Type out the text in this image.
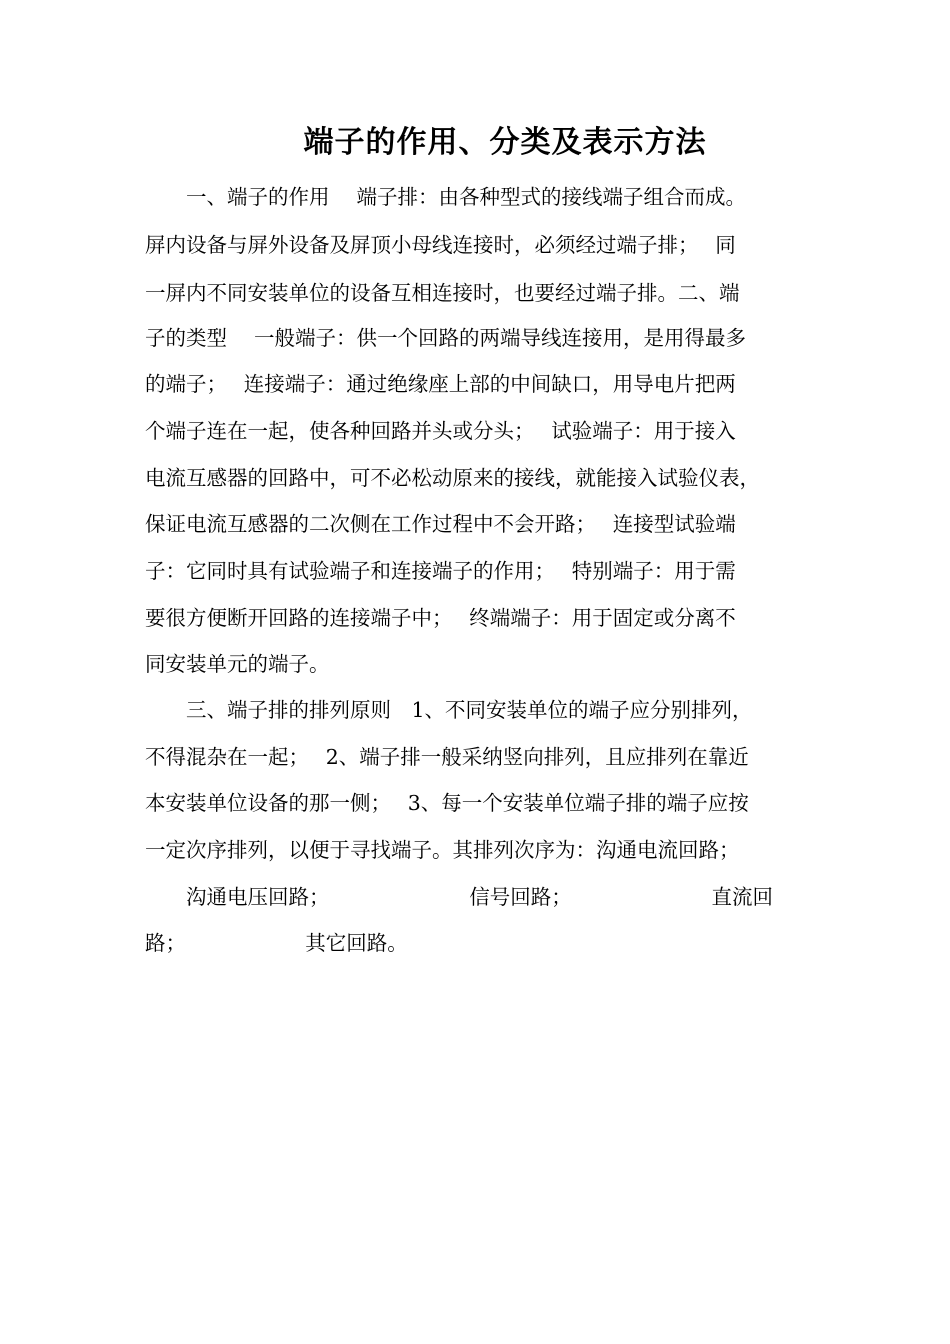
端子的作用、分类及表示方法
　　一、端子的作用　 端子排：由各种型式的接线端子组合而成。
屏内设备与屏外设备及屏顶小母线连接时，必须经过端子排；　 同
一屏内不同安装单位的设备互相连接时，也要经过端子排。二、端
子的类型　 一般端子：供一个回路的两端导线连接用，是用得最多
的端子；　 连接端子：通过绝缘座上部的中间缺口，用导电片把两
个端子连在一起，使各种回路并头或分头；　 试验端子：用于接入
电流互感器的回路中，可不必松动原来的接线，就能接入试验仪表，
保证电流互感器的二次侧在工作过程中不会开路；　 连接型试验端
子：它同时具有试验端子和连接端子的作用；　 特别端子：用于需
要很方便断开回路的连接端子中；　 终端端子：用于固定或分离不
同安装单元的端子。
　　三、端子排的排列原则　1、不同安装单位的端子应分别排列，
不得混杂在一起；　 2、端子排一般采纳竖向排列，且应排列在靠近
本安装单位设备的那一侧；　 3、每一个安装单位端子排的端子应按
一定次序排列，以便于寻找端子。其排列次序为：沟通电流回路；
　　沟通电压回路；　　　　　　　 信号回路；　　　　　　　 直流回
路；　　　　　　 其它回路。
